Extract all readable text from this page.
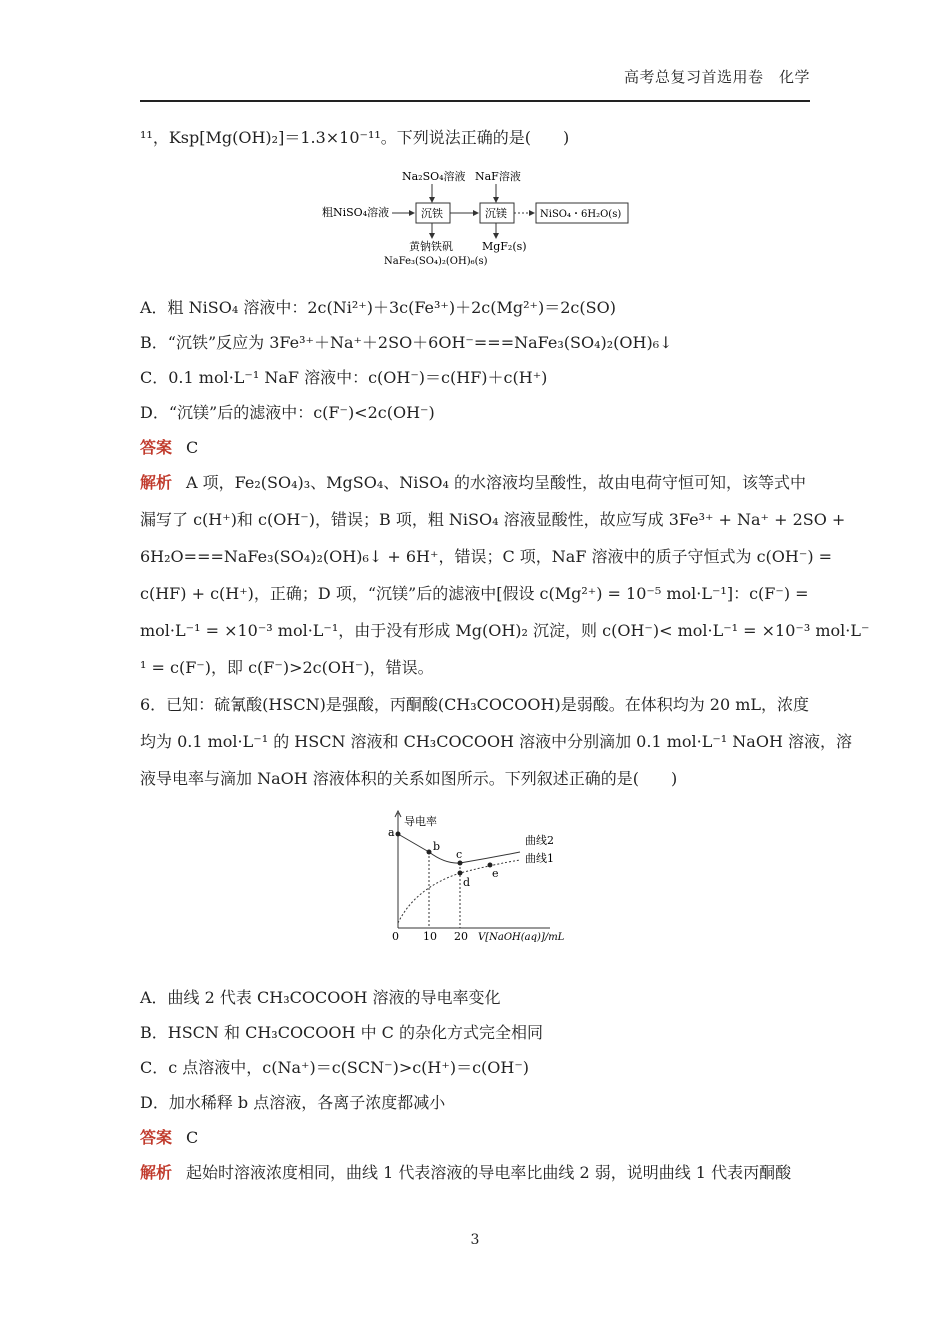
高考总复习首选用卷　化学
¹¹，Ksp[Mg(OH)₂]＝1.3×10⁻¹¹。下列说法正确的是(　　)
Na₂SO₄溶液 NaF溶液
粗NiSO₄溶液	沉铁	沉镁	NiSO₄・6H₂O(s)
黄钠铁矾
NaFe₃(SO₄)₂(OH)₆(s)
MgF₂(s)
A．粗 NiSO₄ 溶液中：2c(Ni²⁺)＋3c(Fe³⁺)＋2c(Mg²⁺)＝2c(SO)
B．“沉铁”反应为 3Fe³⁺＋Na⁺＋2SO＋6OH⁻===NaFe₃(SO₄)₂(OH)₆↓
C．0.1 mol·L⁻¹ NaF 溶液中：c(OH⁻)＝c(HF)＋c(H⁺)
D．“沉镁”后的滤液中：c(F⁻)<2c(OH⁻)
答案 C
解析 A 项，Fe₂(SO₄)₃、MgSO₄、NiSO₄ 的水溶液均呈酸性，故由电荷守恒可知，该等式中
漏写了 c(H⁺)和 c(OH⁻)，错误；B 项，粗 NiSO₄ 溶液显酸性，故应写成 3Fe³⁺ + Na⁺ + 2SO +
6H₂O===NaFe₃(SO₄)₂(OH)₆↓ + 6H⁺，错误；C 项，NaF 溶液中的质子守恒式为 c(OH⁻) =
c(HF) + c(H⁺)，正确；D 项，“沉镁”后的滤液中[假设 c(Mg²⁺) = 10⁻⁵ mol·L⁻¹]：c(F⁻) =
mol·L⁻¹ = ×10⁻³ mol·L⁻¹，由于没有形成 Mg(OH)₂ 沉淀，则 c(OH⁻)< mol·L⁻¹ = ×10⁻³ mol·L⁻
¹ = c(F⁻)，即 c(F⁻)>2c(OH⁻)，错误。
6．已知：硫氰酸(HSCN)是强酸，丙酮酸(CH₃COCOOH)是弱酸。在体积均为 20 mL，浓度
均为 0.1 mol·L⁻¹ 的 HSCN 溶液和 CH₃COCOOH 溶液中分别滴加 0.1 mol·L⁻¹ NaOH 溶液，溶
液导电率与滴加 NaOH 溶液体积的关系如图所示。下列叙述正确的是(　　)
导电率
0 10 20 V[NaOH(aq)]/mL
曲线2
曲线1
a
b
c
d
e
A．曲线 2 代表 CH₃COCOOH 溶液的导电率变化
B．HSCN 和 CH₃COCOOH 中 C 的杂化方式完全相同
C．c 点溶液中，c(Na⁺)＝c(SCN⁻)>c(H⁺)＝c(OH⁻)
D．加水稀释 b 点溶液，各离子浓度都减小
答案 C
解析 起始时溶液浓度相同，曲线 1 代表溶液的导电率比曲线 2 弱，说明曲线 1 代表丙酮酸
3
